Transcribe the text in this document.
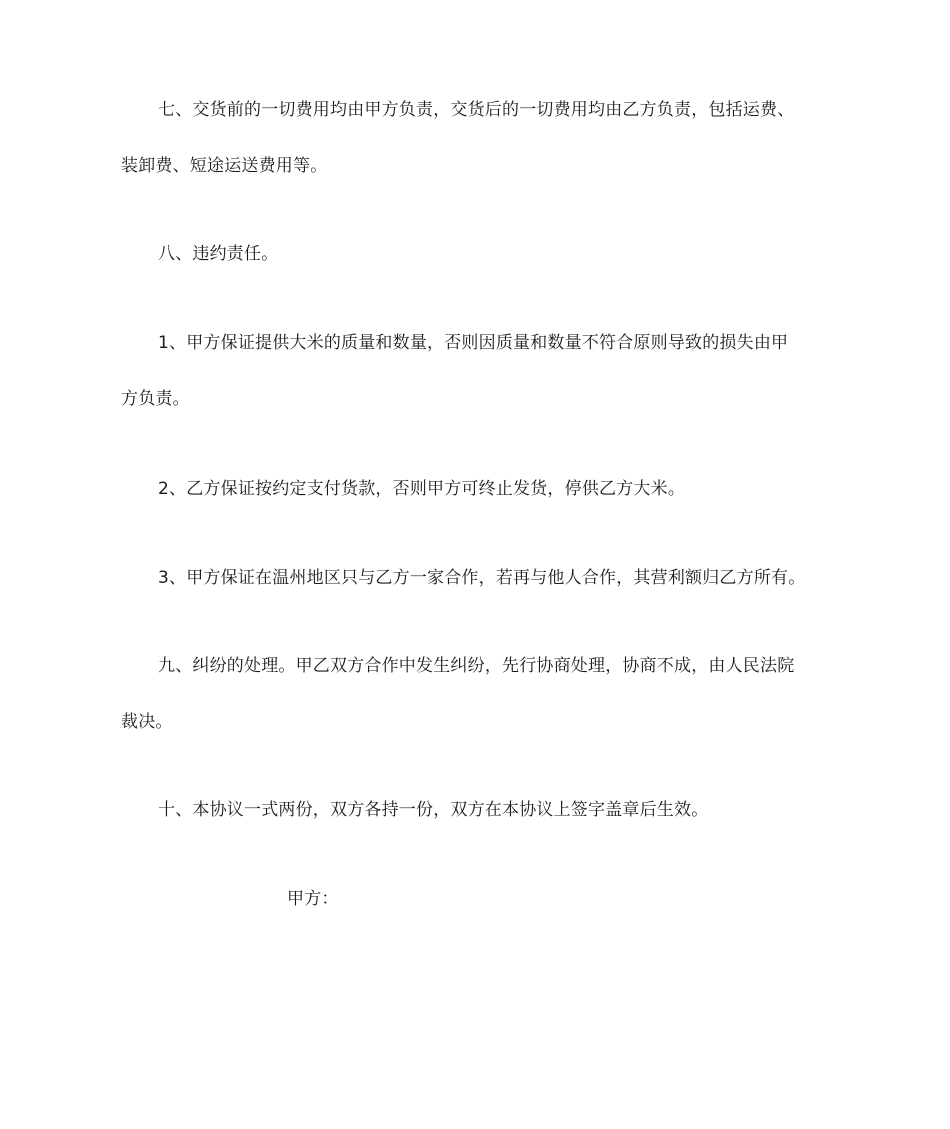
七、交货前的一切费用均由甲方负责，交货后的一切费用均由乙方负责，包括运费、
装卸费、短途运送费用等。
八、违约责任。
1、甲方保证提供大米的质量和数量，否则因质量和数量不符合原则导致的损失由甲
方负责。
2、乙方保证按约定支付货款，否则甲方可终止发货，停供乙方大米。
3、甲方保证在温州地区只与乙方一家合作，若再与他人合作，其营利额归乙方所有。
九、纠纷的处理。甲乙双方合作中发生纠纷，先行协商处理，协商不成，由人民法院
裁决。
十、本协议一式两份，双方各持一份，双方在本协议上签字盖章后生效。
甲方：
